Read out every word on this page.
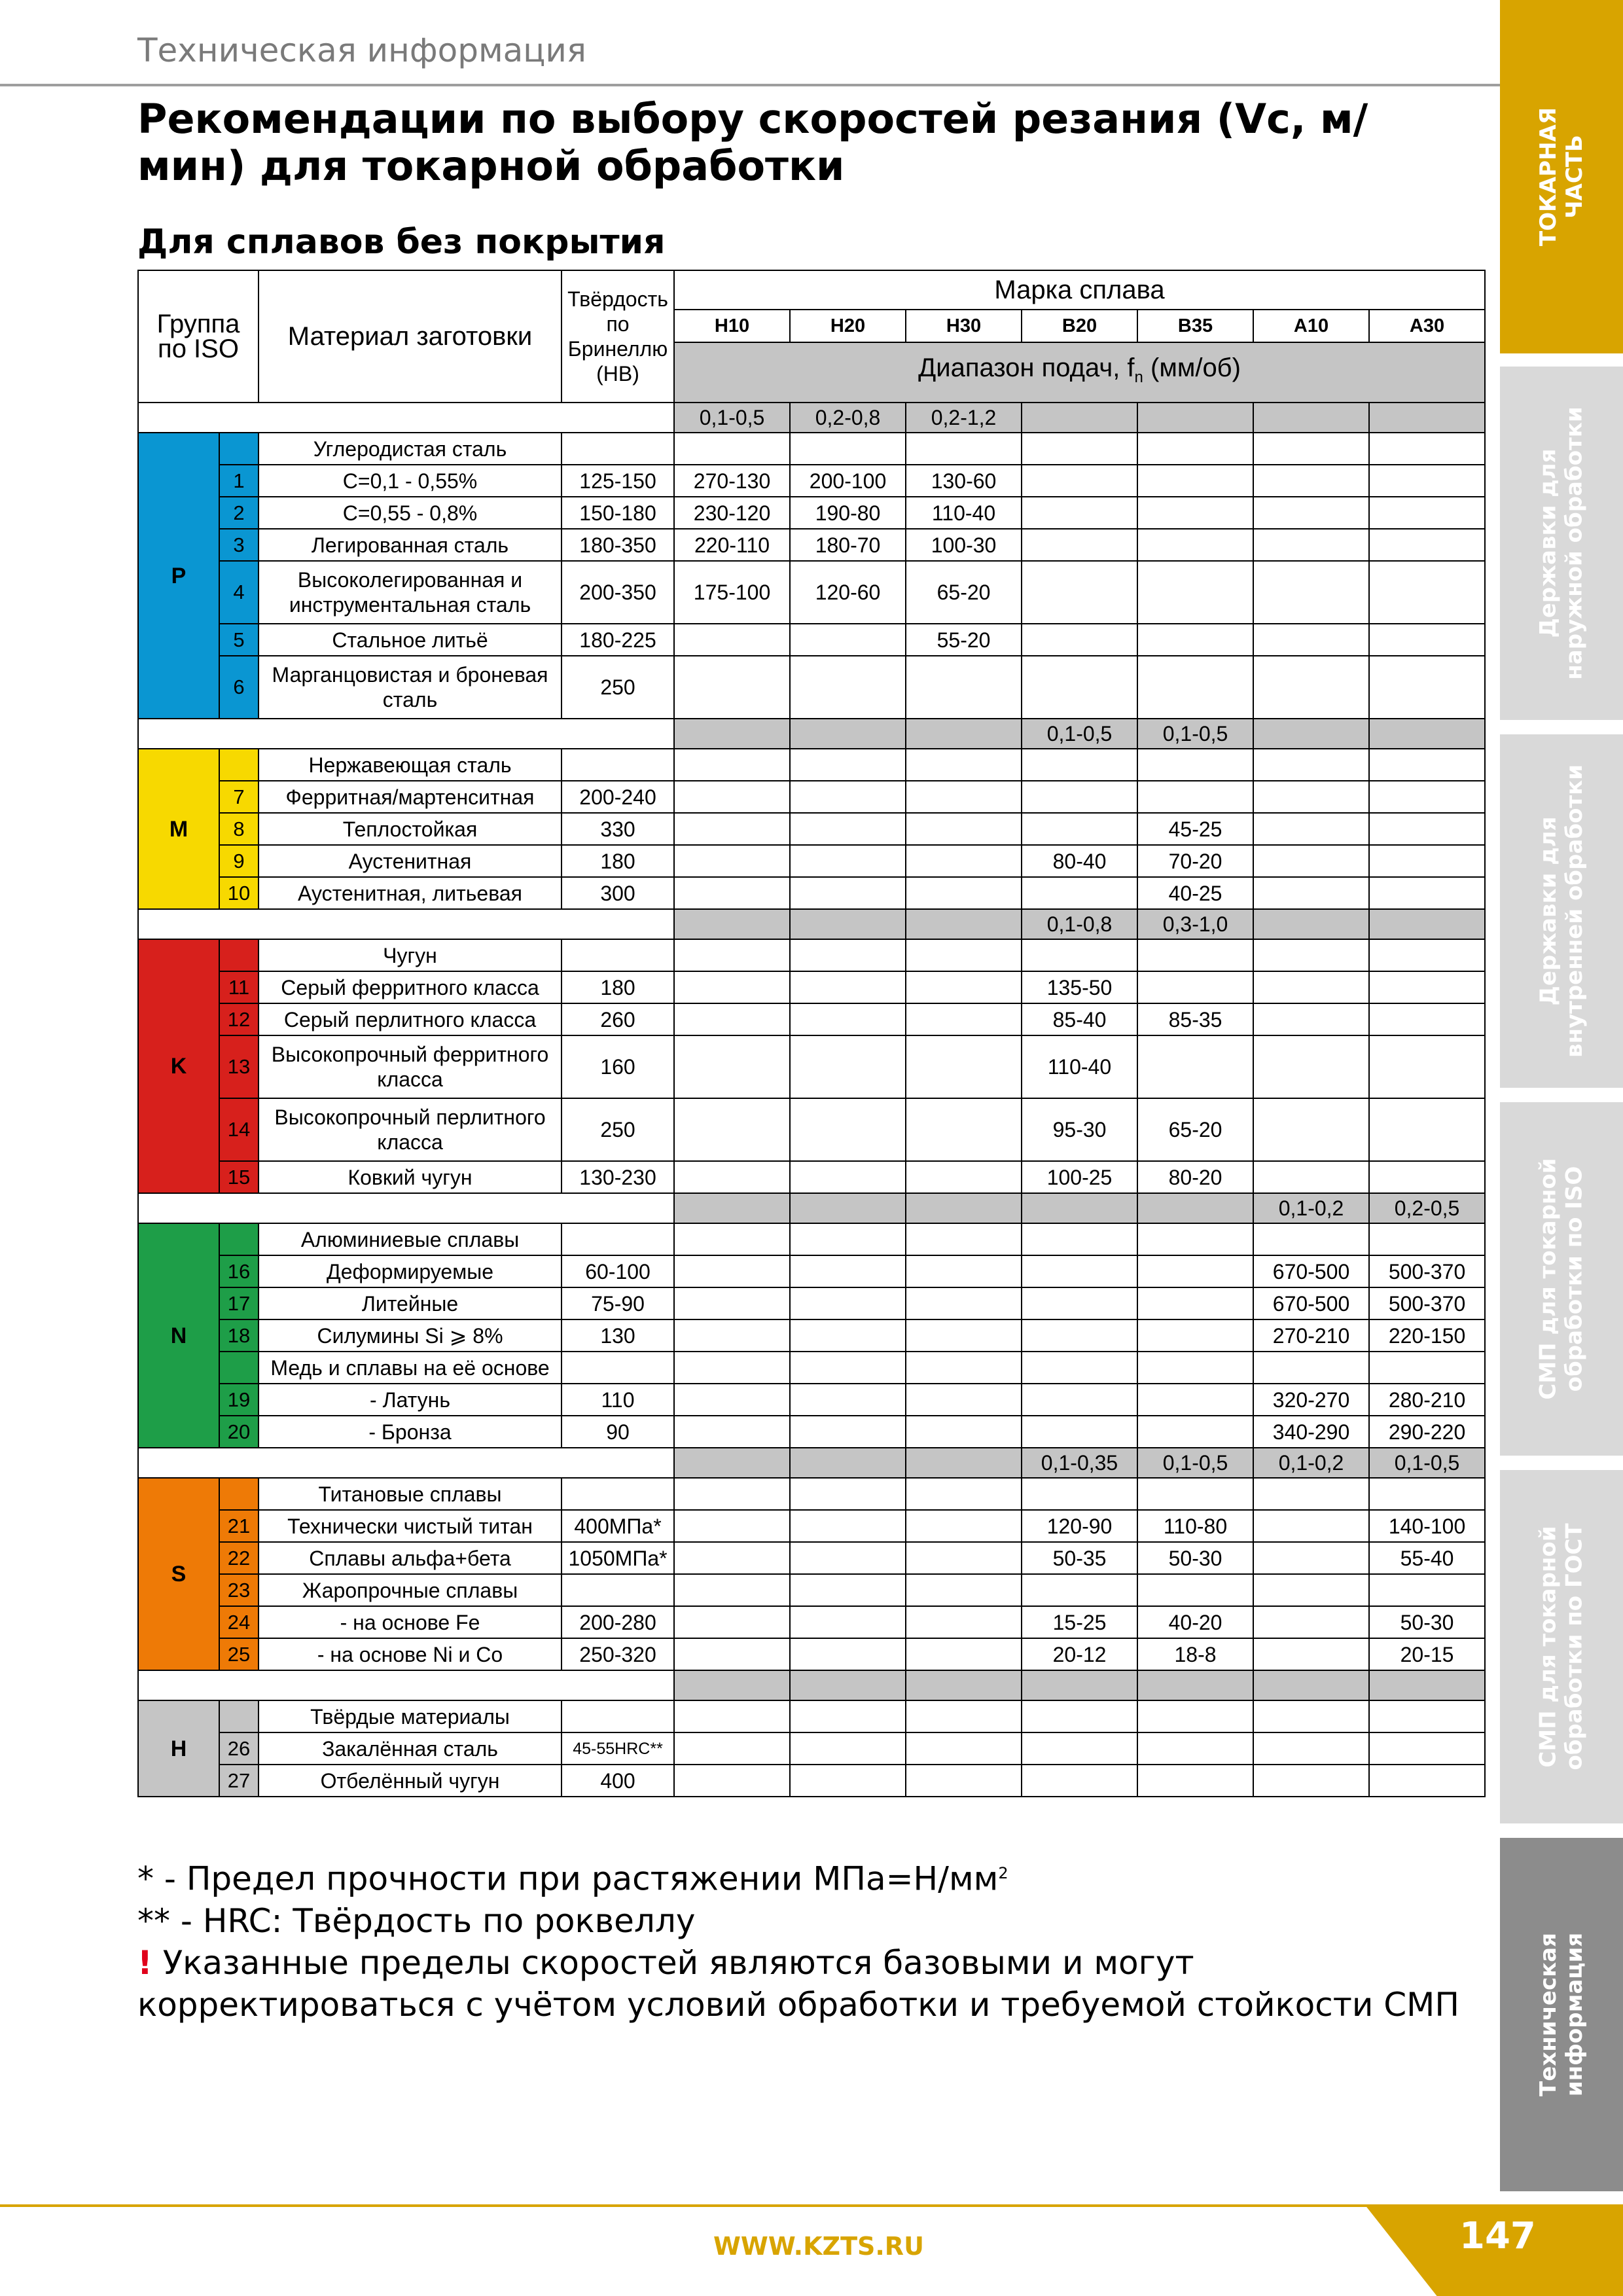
Техническая информация
Рекомендации по выбору скоростей резания (Vc, м/мин) для токарной обработки
Для сплавов без покрытия	ТОКАРНАЯ
ЧАСТЬ
Державки для
наружной обработки
Державки для
внутренней обработки
СМП для токарной
обработки по ISO
СМП для токарной
обработки по ГОСТ
Техническая
информация
Группа по ISO		Материал заготовки	Твёрдость по Бринеллю (HB)	Марка сплава						
				H10	H20	H30	B20	B35	A10	A30
				Диапазон подач, $f_n$ (мм/об)						
				0,1-0,5	0,2-0,8	0,2-1,2				
P		Углеродистая сталь								
	1	C=0,1 - 0,55%	125-150	270-130	200-100	130-60				
	2	C=0,55 - 0,8%	150-180	230-120	190-80	110-40				
	3	Легированная сталь	180-350	220-110	180-70	100-30				
	4	Высоколегированная и инструментальная сталь	200-350	175-100	120-60	65-20				
	5	Стальное литьё	180-225			55-20				
	6	Марганцовистая и броневая сталь	250							
							0,1-0,5	0,1-0,5		
M		Нержавеющая сталь								
	7	Ферритная/мартенситная	200-240							
	8	Теплостойкая	330					45-25		
	9	Аустенитная	180				80-40	70-20		
	10	Аустенитная, литьевая	300					40-25		
							0,1-0,8	0,3-1,0		
K		Чугун								
	11	Серый ферритного класса	180				135-50			
	12	Серый перлитного класса	260				85-40	85-35		
	13	Высокопрочный ферритного класса	160				110-40			
	14	Высокопрочный перлитного класса	250				95-30	65-20		
	15	Ковкий чугун	130-230				100-25	80-20		
									0,1-0,2	0,2-0,5
N		Алюминиевые сплавы								
	16	Деформируемые	60-100						670-500	500-370
	17	Литейные	75-90						670-500	500-370
	18	Силумины Si ⩾ 8%	130						270-210	220-150
		Медь и сплавы на её основе								
	19	- Латунь	110						320-270	280-210
	20	- Бронза	90						340-290	290-220
							0,1-0,35	0,1-0,5	0,1-0,2	0,1-0,5
S		Титановые сплавы								
	21	Технически чистый титан	400МПа*				120-90	110-80		140-100
	22	Сплавы альфа+бета	1050МПа*				50-35	50-30		55-40
	23	Жаропрочные сплавы								
	24	- на основе Fe	200-280				15-25	40-20		50-30
	25	- на основе Ni и Co	250-320				20-12	18-8		20-15

H		Твёрдые материалы								
	26	Закалённая сталь	45-55HRC**							
	27	Отбелённый чугун	400							
* - Предел прочности при растяжении $МПа=Н/мм^2$
** - HRC: Твёрдость по роквеллу
! Указанные пределы скоростей являются базовыми и могут корректироваться с учётом условий обработки и требуемой стойкости СМП
WWW.KZTS.RU	147
